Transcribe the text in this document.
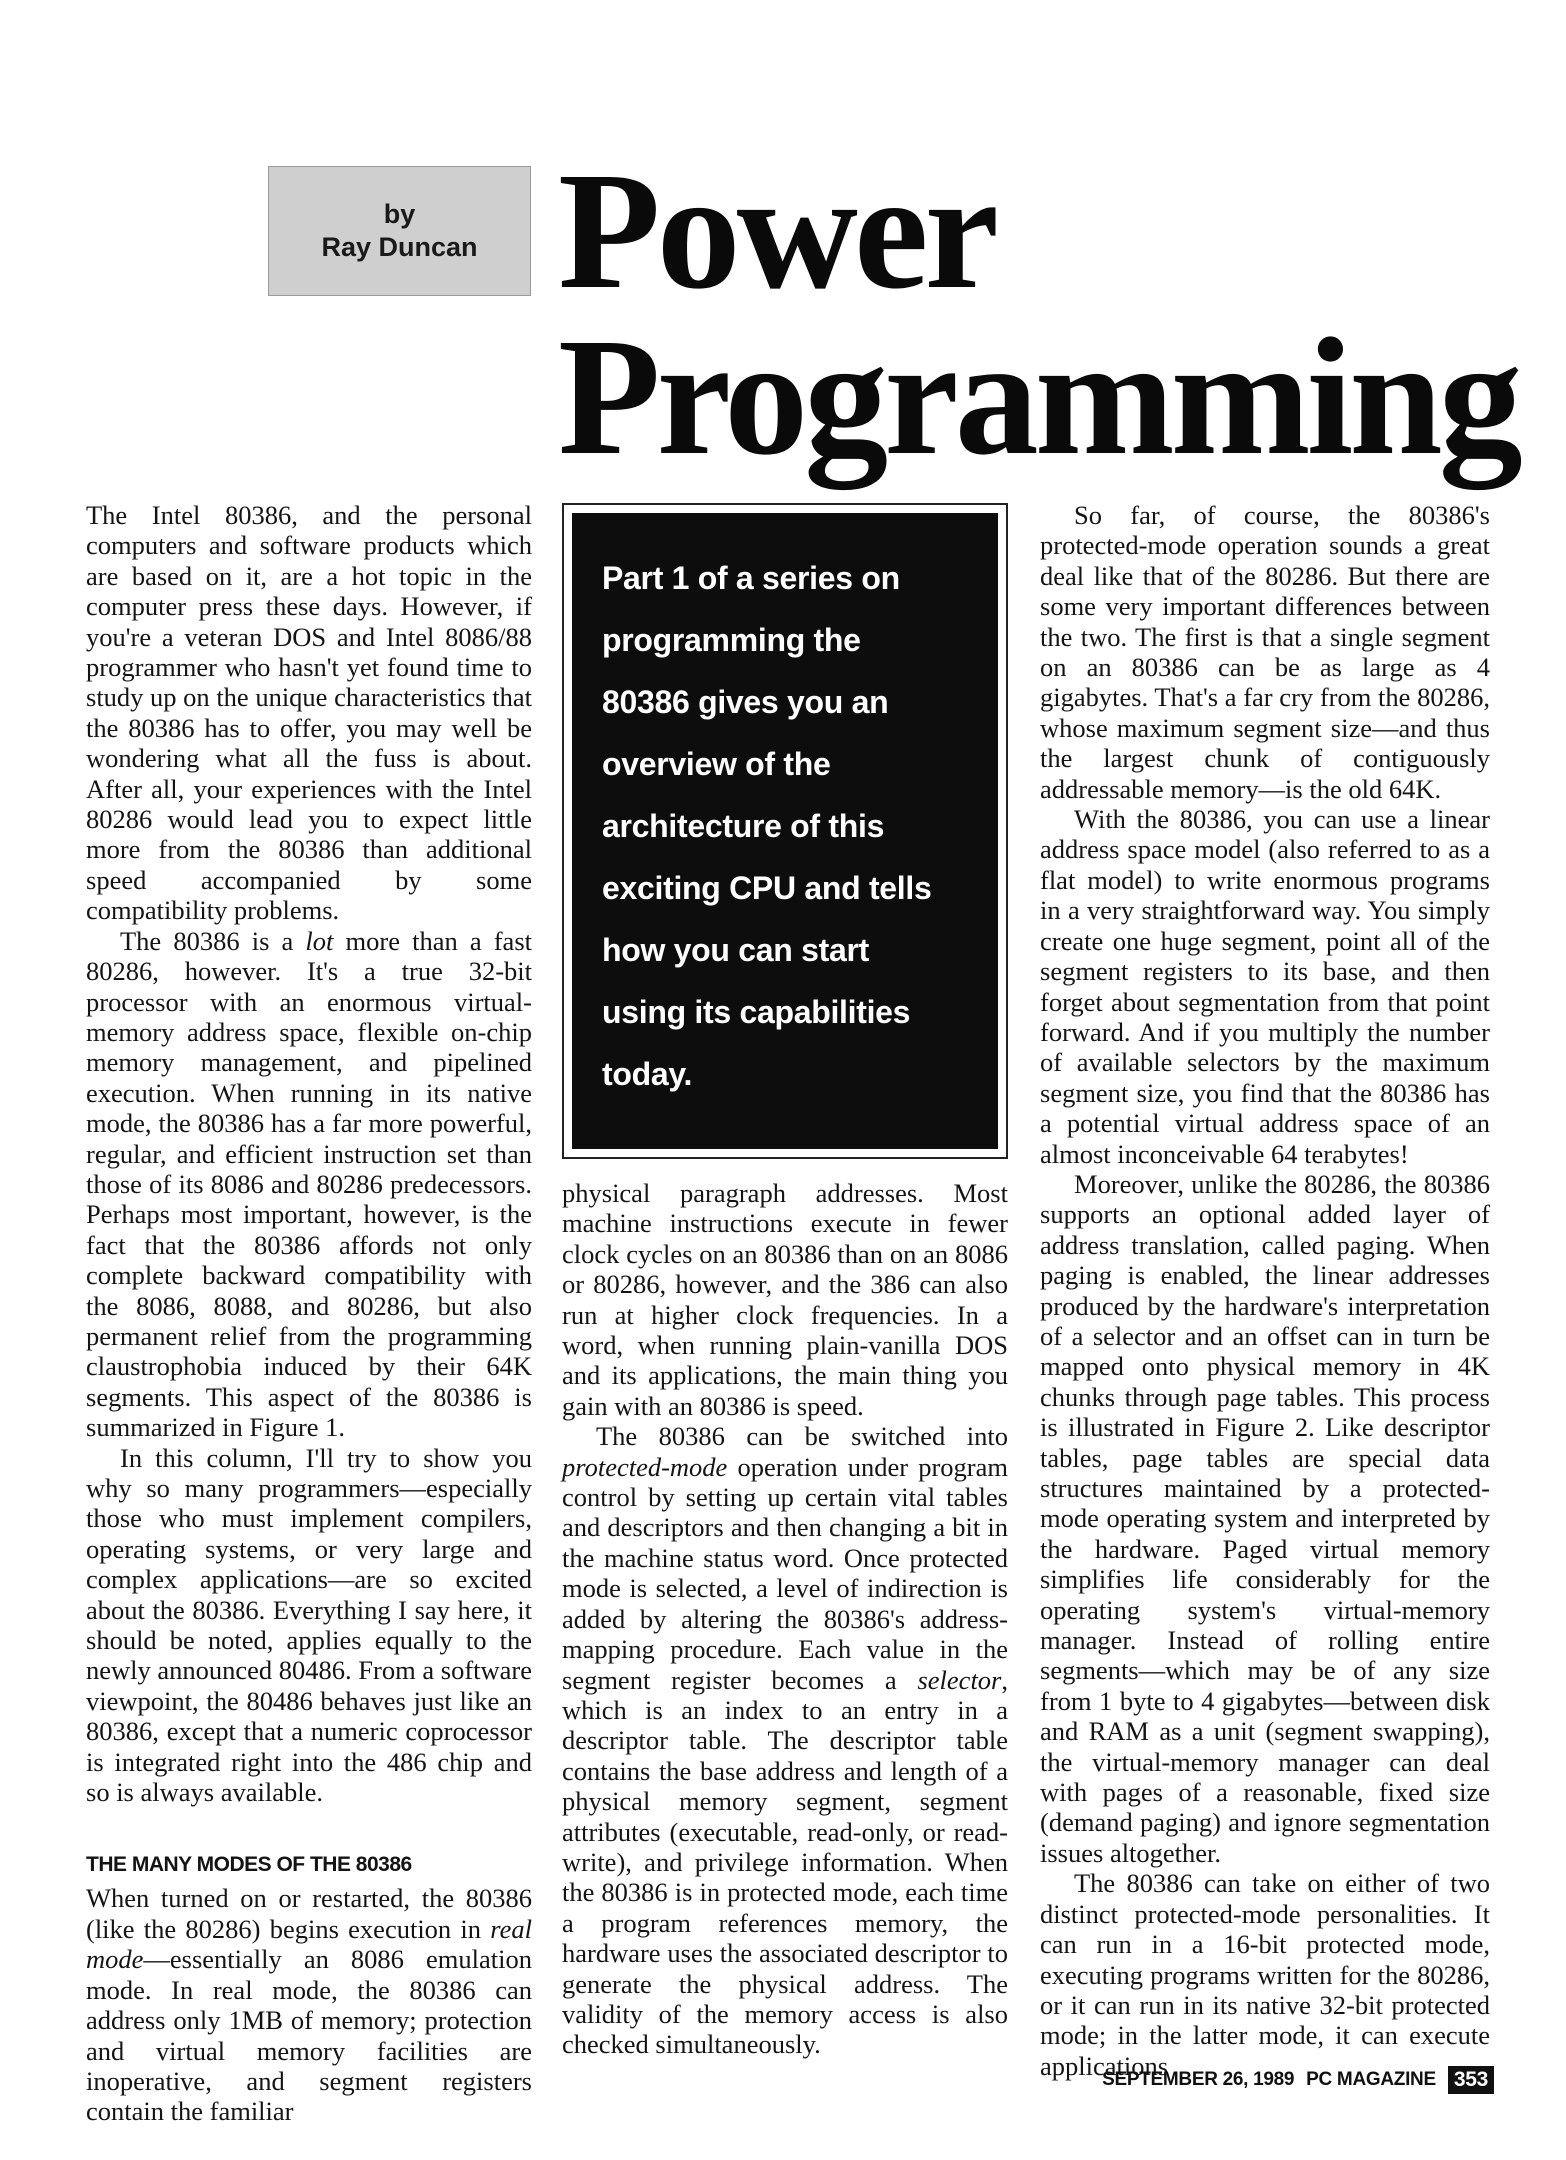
by
Ray Duncan Power
Programming

The Intel 80386, and the personal computers and software products which are based on it, are a hot topic in the computer press these days. However, if you're a veteran DOS and Intel 8086/88 programmer who hasn't yet found time to study up on the unique characteristics that the 80386 has to offer, you may well be wondering what all the fuss is about. After all, your experiences with the Intel 80286 would lead you to expect little more from the 80386 than additional speed accompanied by some compatibility problems.

The 80386 is a lot more than a fast 80286, however. It's a true 32-bit processor with an enormous virtual-memory address space, flexible on-chip memory management, and pipelined execution. When running in its native mode, the 80386 has a far more powerful, regular, and efficient instruction set than those of its 8086 and 80286 predecessors. Perhaps most important, however, is the fact that the 80386 affords not only complete backward compatibility with the 8086, 8088, and 80286, but also permanent relief from the programming claustrophobia induced by their 64K segments. This aspect of the 80386 is summarized in Figure 1.

In this column, I'll try to show you why so many programmers—especially those who must implement compilers, operating systems, or very large and complex applications—are so excited about the 80386. Everything I say here, it should be noted, applies equally to the newly announced 80486. From a software viewpoint, the 80486 behaves just like an 80386, except that a numeric coprocessor is integrated right into the 486 chip and so is always available.

THE MANY MODES OF THE 80386

When turned on or restarted, the 80386 (like the 80286) begins execution in real mode—essentially an 8086 emulation mode. In real mode, the 80386 can address only 1MB of memory; protection and virtual memory facilities are inoperative, and segment registers contain the familiar

Part 1 of a series on
programming the
80386 gives you an
overview of the
architecture of this
exciting CPU and tells
how you can start
using its capabilities
today.

physical paragraph addresses. Most machine instructions execute in fewer clock cycles on an 80386 than on an 8086 or 80286, however, and the 386 can also run at higher clock frequencies. In a word, when running plain-vanilla DOS and its applications, the main thing you gain with an 80386 is speed.

The 80386 can be switched into protected-mode operation under program control by setting up certain vital tables and descriptors and then changing a bit in the machine status word. Once protected mode is selected, a level of indirection is added by altering the 80386's address-mapping procedure. Each value in the segment register becomes a selector, which is an index to an entry in a descriptor table. The descriptor table contains the base address and length of a physical memory segment, segment attributes (executable, read-only, or read-write), and privilege information. When the 80386 is in protected mode, each time a program references memory, the hardware uses the associated descriptor to generate the physical address. The validity of the memory access is also checked simultaneously.

So far, of course, the 80386's protected-mode operation sounds a great deal like that of the 80286. But there are some very important differences between the two. The first is that a single segment on an 80386 can be as large as 4 gigabytes. That's a far cry from the 80286, whose maximum segment size—and thus the largest chunk of contiguously addressable memory—is the old 64K.

With the 80386, you can use a linear address space model (also referred to as a flat model) to write enormous programs in a very straightforward way. You simply create one huge segment, point all of the segment registers to its base, and then forget about segmentation from that point forward. And if you multiply the number of available selectors by the maximum segment size, you find that the 80386 has a potential virtual address space of an almost inconceivable 64 terabytes!

Moreover, unlike the 80286, the 80386 supports an optional added layer of address translation, called paging. When paging is enabled, the linear addresses produced by the hardware's interpretation of a selector and an offset can in turn be mapped onto physical memory in 4K chunks through page tables. This process is illustrated in Figure 2. Like descriptor tables, page tables are special data structures maintained by a protected-mode operating system and interpreted by the hardware. Paged virtual memory simplifies life considerably for the operating system's virtual-memory manager. Instead of rolling entire segments—which may be of any size from 1 byte to 4 gigabytes—between disk and RAM as a unit (segment swapping), the virtual-memory manager can deal with pages of a reasonable, fixed size (demand paging) and ignore segmentation issues altogether.

The 80386 can take on either of two distinct protected-mode personalities. It can run in a 16-bit protected mode, executing programs written for the 80286, or it can run in its native 32-bit protected mode; in the latter mode, it can execute applications

SEPTEMBER 26, 1989 PC MAGAZINE 353
